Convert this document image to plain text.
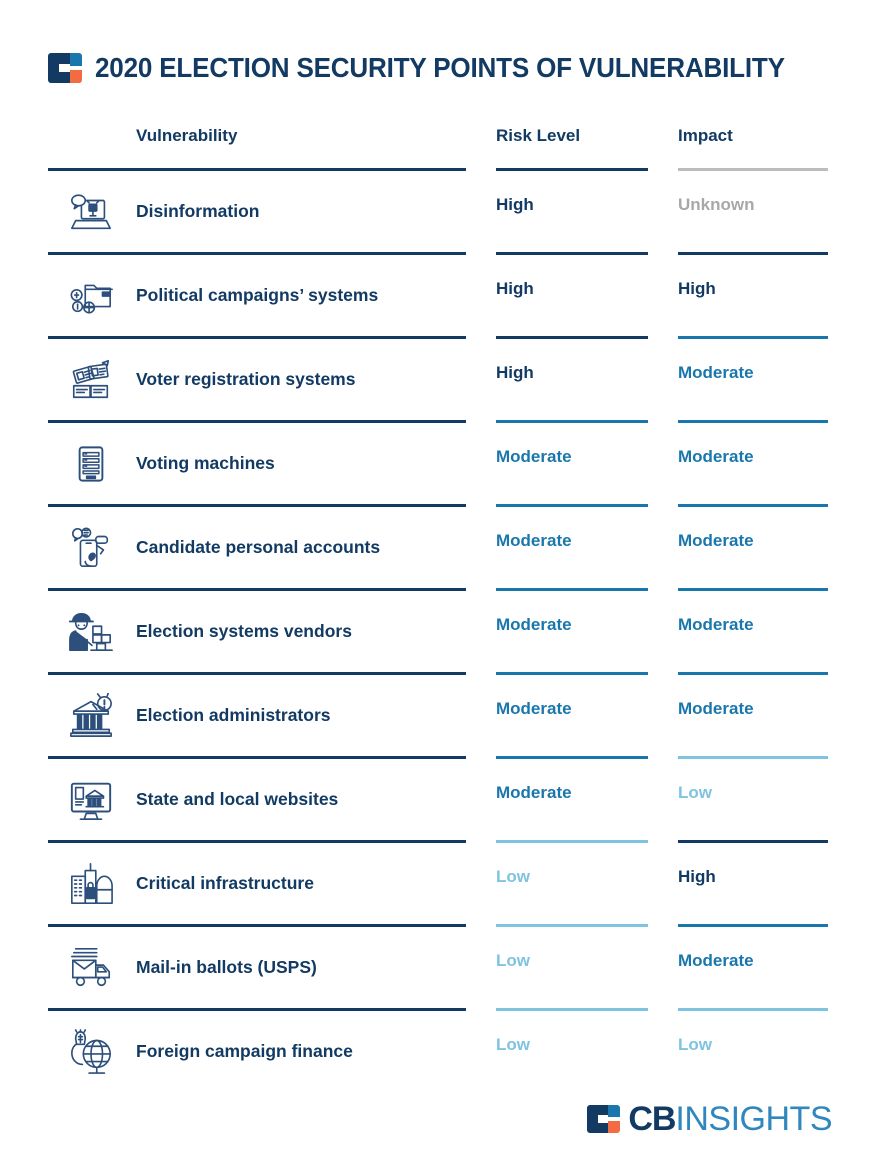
2020 ELECTION SECURITY POINTS OF VULNERABILITY
Vulnerability	Risk Level	Impact
Disinformation	High	Unknown
Political campaigns’ systems	High	High
Voter registration systems	High	Moderate
Voting machines	Moderate	Moderate
Candidate personal accounts	Moderate	Moderate
Election systems vendors	Moderate	Moderate
Election administrators	Moderate	Moderate
State and local websites	Moderate	Low
Critical infrastructure	Low	High
Mail-in ballots (USPS)	Low	Moderate
Foreign campaign finance	Low	Low
CB INSIGHTS
